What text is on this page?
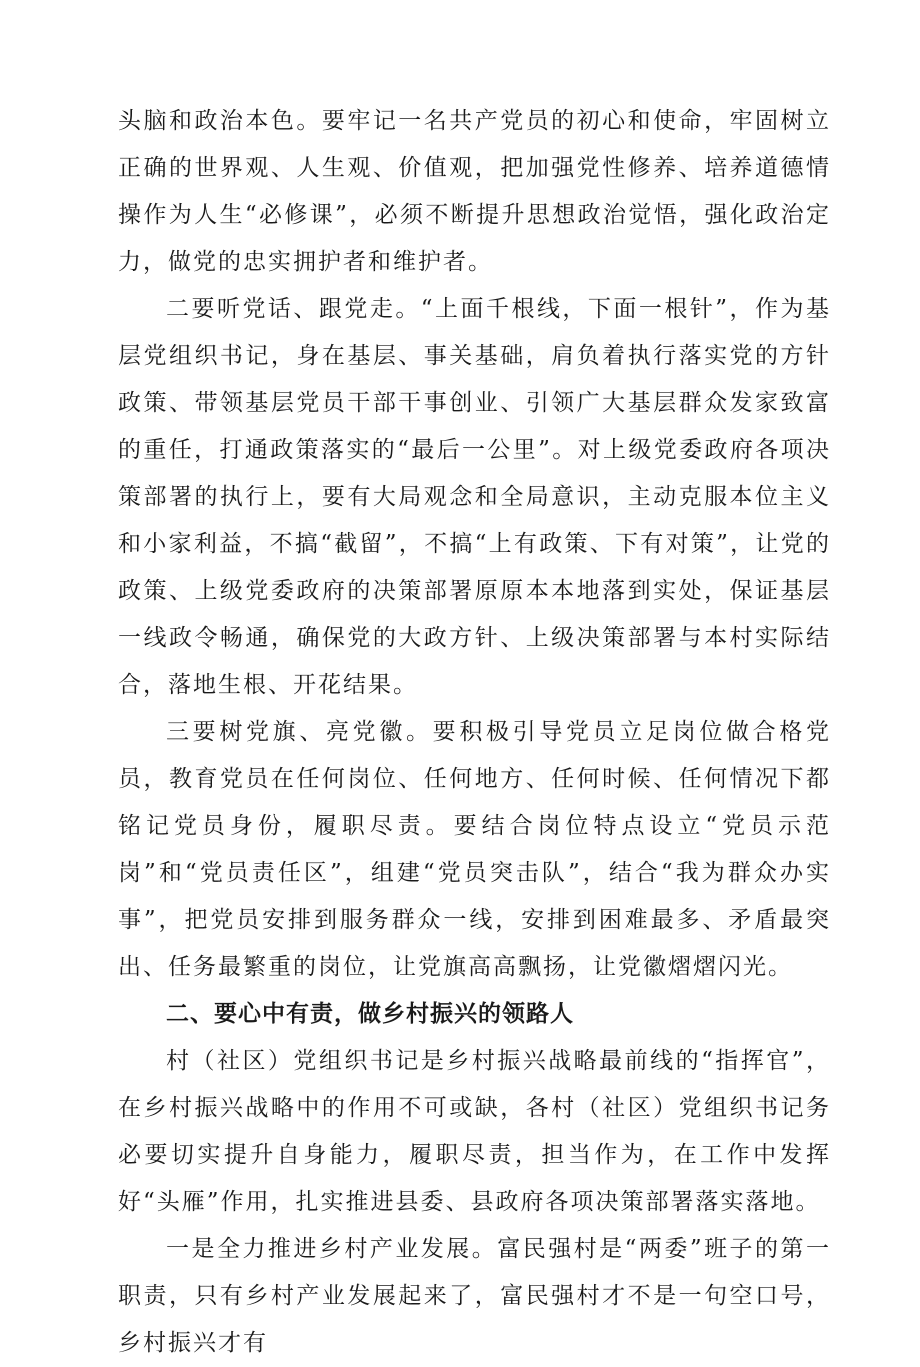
头脑和政治本色。要牢记一名共产党员的初心和使命，牢固树立正确的世界观、人生观、价值观，把加强党性修养、培养道德情操作为人生“必修课”，必须不断提升思想政治觉悟，强化政治定力，做党的忠实拥护者和维护者。

二要听党话、跟党走。“上面千根线，下面一根针”，作为基层党组织书记，身在基层、事关基础，肩负着执行落实党的方针政策、带领基层党员干部干事创业、引领广大基层群众发家致富的重任，打通政策落实的“最后一公里”。对上级党委政府各项决策部署的执行上，要有大局观念和全局意识，主动克服本位主义和小家利益，不搞“截留”，不搞“上有政策、下有对策”，让党的政策、上级党委政府的决策部署原原本本地落到实处，保证基层一线政令畅通，确保党的大政方针、上级决策部署与本村实际结合，落地生根、开花结果。

三要树党旗、亮党徽。要积极引导党员立足岗位做合格党员，教育党员在任何岗位、任何地方、任何时候、任何情况下都铭记党员身份，履职尽责。要结合岗位特点设立“党员示范岗”和“党员责任区”，组建“党员突击队”，结合“我为群众办实事”，把党员安排到服务群众一线，安排到困难最多、矛盾最突出、任务最繁重的岗位，让党旗高高飘扬，让党徽熠熠闪光。

二、要心中有责，做乡村振兴的领路人

村（社区）党组织书记是乡村振兴战略最前线的“指挥官”，在乡村振兴战略中的作用不可或缺，各村（社区）党组织书记务必要切实提升自身能力，履职尽责，担当作为，在工作中发挥好“头雁”作用，扎实推进县委、县政府各项决策部署落实落地。

一是全力推进乡村产业发展。富民强村是“两委”班子的第一职责，只有乡村产业发展起来了，富民强村才不是一句空口号，乡村振兴才有
